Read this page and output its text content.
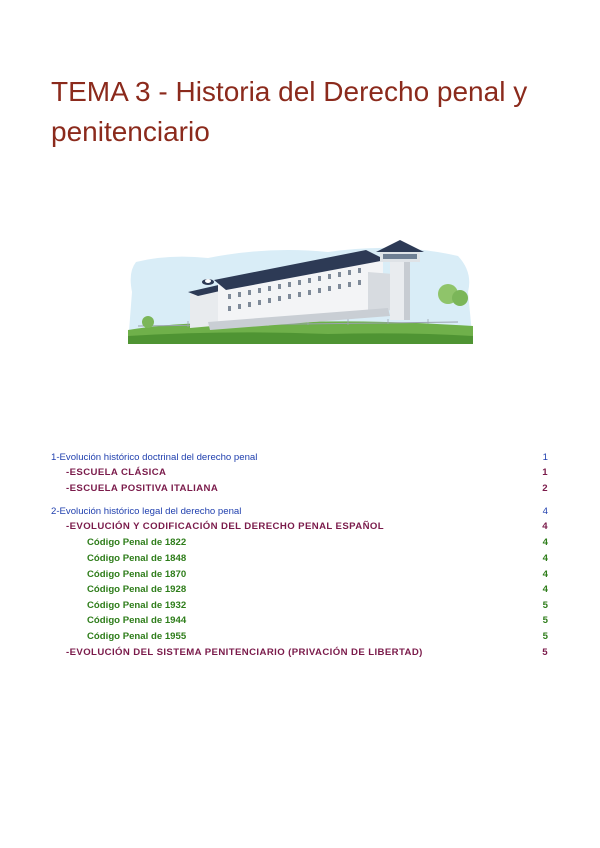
TEMA 3 - Historia del Derecho penal y penitenciario
1-Evolución histórico doctrinal del derecho penal	1
-ESCUELA CLÁSICA	1
-ESCUELA POSITIVA ITALIANA	2
2-Evolución histórico legal del derecho penal	4
-EVOLUCIÓN Y CODIFICACIÓN DEL DERECHO PENAL ESPAÑOL	4
Código Penal de 1822	4
Código Penal de 1848	4
Código Penal de 1870	4
Código Penal de 1928	4
Código Penal de 1932	5
Código Penal de 1944	5
Código Penal de 1955	5
-EVOLUCIÓN DEL SISTEMA PENITENCIARIO (PRIVACIÓN DE LIBERTAD)	5
